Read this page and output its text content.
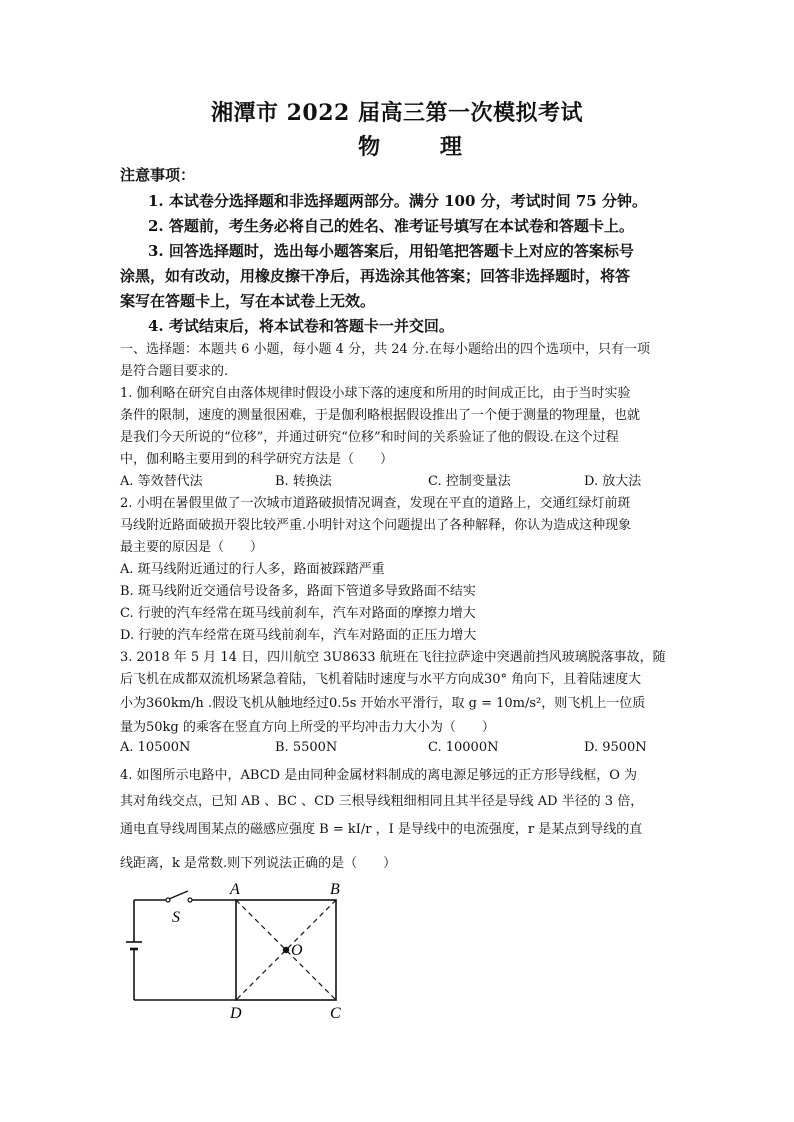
湘潭市 2022 届高三第一次模拟考试
物 理
注意事项：
1. 本试卷分选择题和非选择题两部分。满分 100 分，考试时间 75 分钟。
2. 答题前，考生务必将自己的姓名、准考证号填写在本试卷和答题卡上。
3. 回答选择题时，选出每小题答案后，用铅笔把答题卡上对应的答案标号
涂黑，如有改动，用橡皮擦干净后，再选涂其他答案；回答非选择题时，将答
案写在答题卡上，写在本试卷上无效。
4. 考试结束后，将本试卷和答题卡一并交回。
一、选择题：本题共 6 小题，每小题 4 分，共 24 分.在每小题给出的四个选项中，只有一项
是符合题目要求的.
1. 伽利略在研究自由落体规律时假设小球下落的速度和所用的时间成正比，由于当时实验
条件的限制，速度的测量很困难，于是伽利略根据假设推出了一个便于测量的物理量，也就
是我们今天所说的“位移”，并通过研究“位移”和时间的关系验证了他的假设.在这个过程
中，伽利略主要用到的科学研究方法是（　　）
A. 等效替代法	B. 转换法	C. 控制变量法	D. 放大法
2. 小明在暑假里做了一次城市道路破损情况调查，发现在平直的道路上，交通红绿灯前斑
马线附近路面破损开裂比较严重.小明针对这个问题提出了各种解释，你认为造成这种现象
最主要的原因是（　　）
A. 斑马线附近通过的行人多，路面被踩踏严重
B. 斑马线附近交通信号设备多，路面下管道多导致路面不结实
C. 行驶的汽车经常在斑马线前刹车，汽车对路面的摩擦力增大
D. 行驶的汽车经常在斑马线前刹车，汽车对路面的正压力增大
3. 2018 年 5 月 14 日，四川航空 3U8633 航班在飞往拉萨途中突遇前挡风玻璃脱落事故，随
后飞机在成都双流机场紧急着陆，飞机着陆时速度与水平方向成30° 角向下，且着陆速度大
小为360km/h .假设飞机从触地经过0.5s 开始水平滑行，取 g = 10m/s²，则飞机上一位质
量为50kg 的乘客在竖直方向上所受的平均冲击力大小为（　　）
A. 10500N	B. 5500N	C. 10000N	D. 9500N
4. 如图所示电路中，ABCD 是由同种金属材料制成的离电源足够远的正方形导线框，O 为
其对角线交点，已知 AB 、BC 、CD 三根导线粗细相同且其半径是导线 AD 半径的 3 倍，
通电直导线周围某点的磁感应强度 B = kI/r ，I 是导线中的电流强度，r 是某点到导线的直
线距离，k 是常数.则下列说法正确的是（　　）
A	B
C
D
O
S
